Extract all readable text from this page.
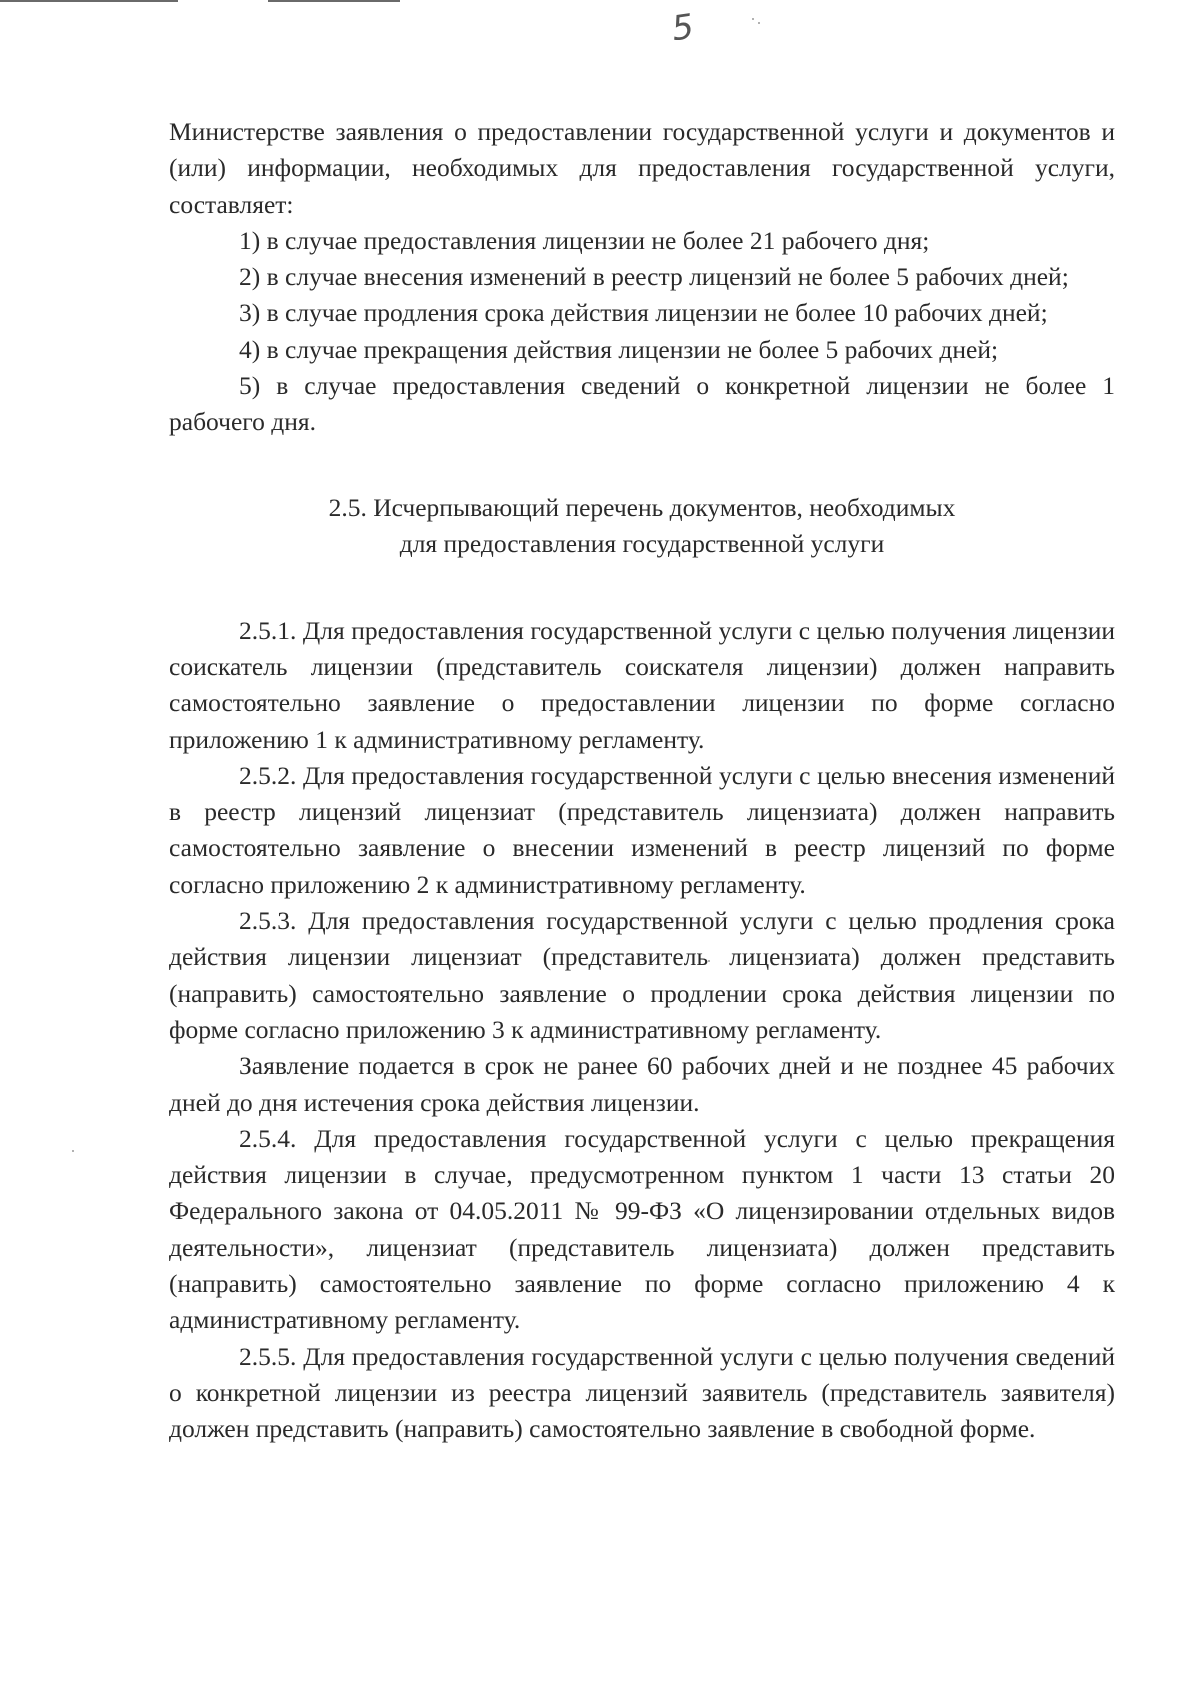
5

Министерстве заявления о предоставлении государственной услуги и документов и (или) информации, необходимых для предоставления государственной услуги, составляет:

1) в случае предоставления лицензии не более 21 рабочего дня;

2) в случае внесения изменений в реестр лицензий не более 5 рабочих дней;

3) в случае продления срока действия лицензии не более 10 рабочих дней;

4) в случае прекращения действия лицензии не более 5 рабочих дней;

5) в случае предоставления сведений о конкретной лицензии не более 1 рабочего дня.

2.5. Исчерпывающий перечень документов, необходимых
для предоставления государственной услуги

2.5.1. Для предоставления государственной услуги с целью получения лицензии соискатель лицензии (представитель соискателя лицензии) должен направить самостоятельно заявление о предоставлении лицензии по форме согласно приложению 1 к административному регламенту.

2.5.2. Для предоставления государственной услуги с целью внесения изменений в реестр лицензий лицензиат (представитель лицензиата) должен направить самостоятельно заявление о внесении изменений в реестр лицензий по форме согласно приложению 2 к административному регламенту.

2.5.3. Для предоставления государственной услуги с целью продления срока действия лицензии лицензиат (представитель лицензиата) должен представить (направить) самостоятельно заявление о продлении срока действия лицензии по форме согласно приложению 3 к административному регламенту.

Заявление подается в срок не ранее 60 рабочих дней и не позднее 45 рабочих дней до дня истечения срока действия лицензии.

2.5.4. Для предоставления государственной услуги с целью прекращения действия лицензии в случае, предусмотренном пунктом 1 части 13 статьи 20 Федерального закона от 04.05.2011 № 99-ФЗ «О лицензировании отдельных видов деятельности», лицензиат (представитель лицензиата) должен представить (направить) самостоятельно заявление по форме согласно приложению 4 к административному регламенту.

2.5.5. Для предоставления государственной услуги с целью получения сведений о конкретной лицензии из реестра лицензий заявитель (представитель заявителя) должен представить (направить) самостоятельно заявление в свободной форме.
